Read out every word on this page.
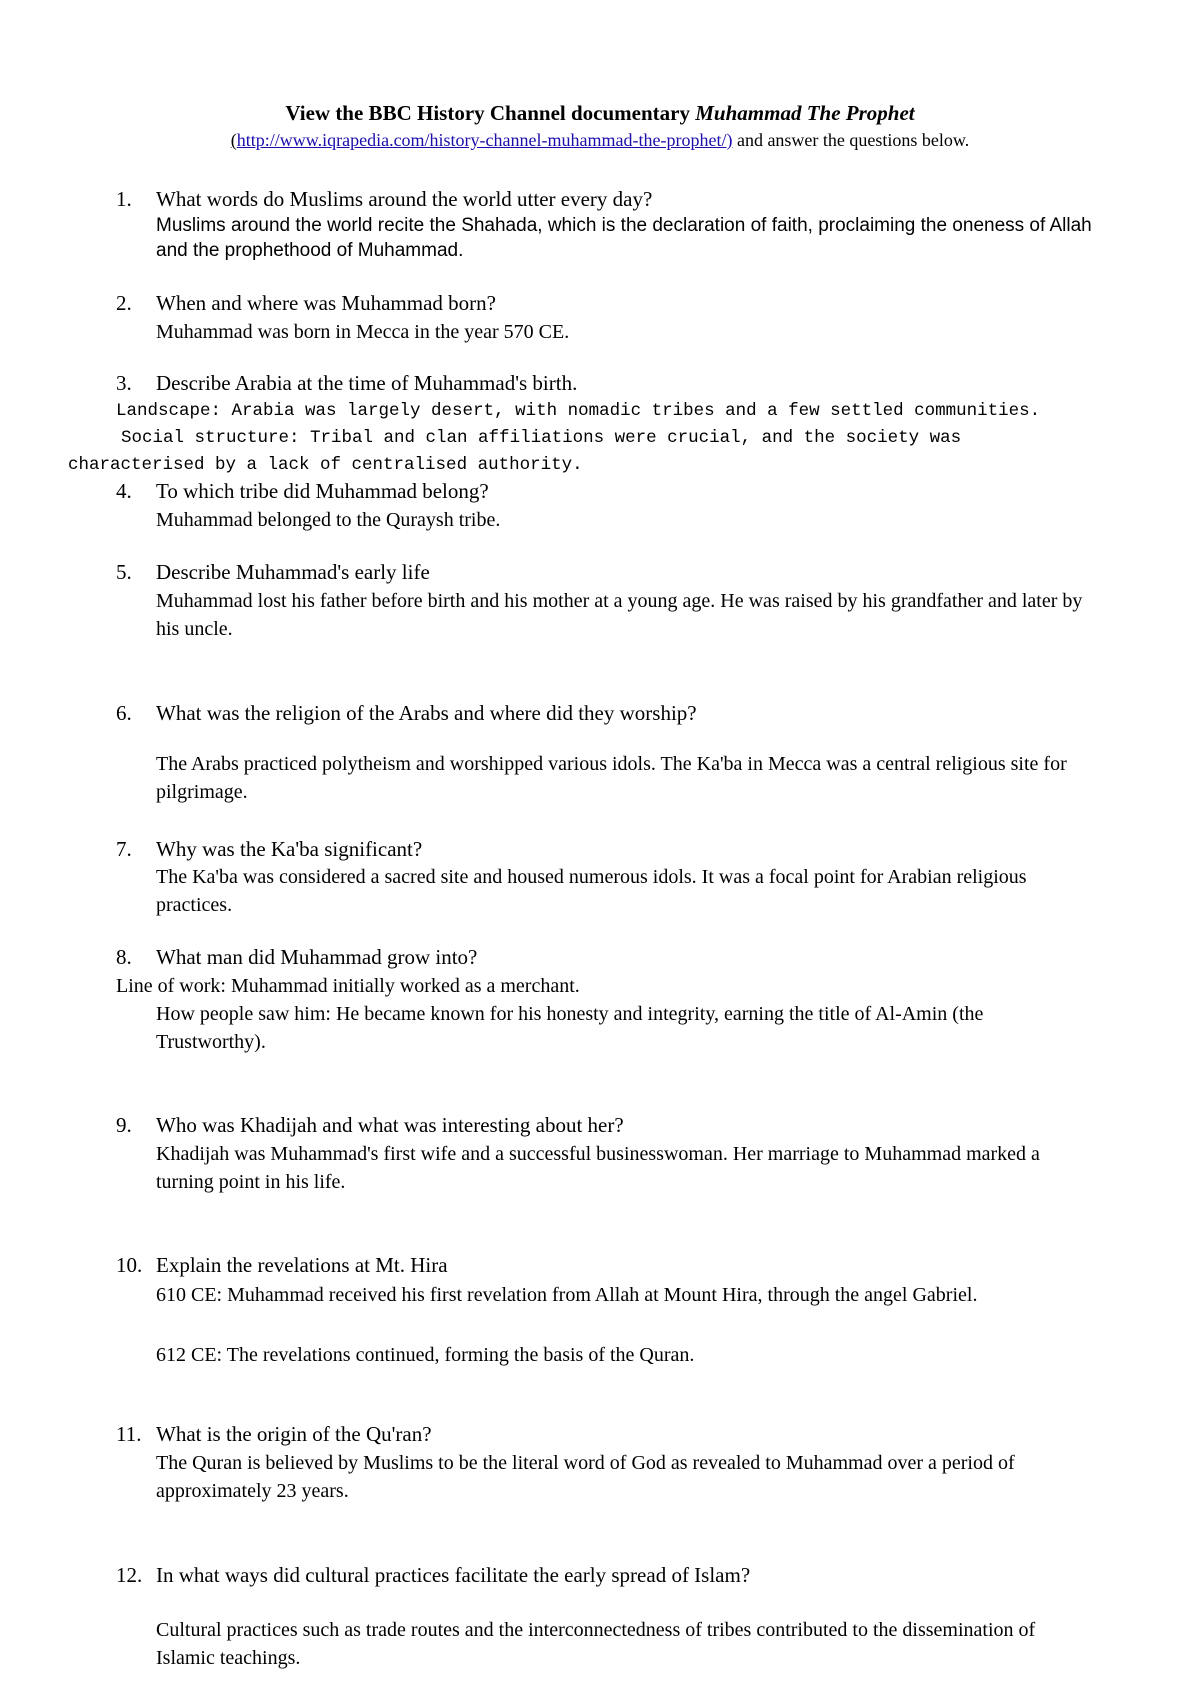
View the BBC History Channel documentary Muhammad The Prophet
(http://www.iqrapedia.com/history-channel-muhammad-the-prophet/) and answer the questions below.
1. What words do Muslims around the world utter every day?
Muslims around the world recite the Shahada, which is the declaration of faith, proclaiming the oneness of Allah and the prophethood of Muhammad.
2. When and where was Muhammad born?
Muhammad was born in Mecca in the year 570 CE.
3. Describe Arabia at the time of Muhammad's birth.
Landscape: Arabia was largely desert, with nomadic tribes and a few settled communities.
Social structure: Tribal and clan affiliations were crucial, and the society was characterised by a lack of centralised authority.
4. To which tribe did Muhammad belong?
Muhammad belonged to the Quraysh tribe.
5. Describe Muhammad's early life
Muhammad lost his father before birth and his mother at a young age. He was raised by his grandfather and later by his uncle.
6. What was the religion of the Arabs and where did they worship?
The Arabs practiced polytheism and worshipped various idols. The Ka'ba in Mecca was a central religious site for pilgrimage.
7. Why was the Ka'ba significant?
The Ka'ba was considered a sacred site and housed numerous idols. It was a focal point for Arabian religious practices.
8. What man did Muhammad grow into?
Line of work: Muhammad initially worked as a merchant.
How people saw him: He became known for his honesty and integrity, earning the title of Al-Amin (the Trustworthy).
9. Who was Khadijah and what was interesting about her?
Khadijah was Muhammad's first wife and a successful businesswoman. Her marriage to Muhammad marked a turning point in his life.
10. Explain the revelations at Mt. Hira
610 CE: Muhammad received his first revelation from Allah at Mount Hira, through the angel Gabriel.
612 CE: The revelations continued, forming the basis of the Quran.
11. What is the origin of the Qu'ran?
The Quran is believed by Muslims to be the literal word of God as revealed to Muhammad over a period of approximately 23 years.
12. In what ways did cultural practices facilitate the early spread of Islam?
Cultural practices such as trade routes and the interconnectedness of tribes contributed to the dissemination of Islamic teachings.
